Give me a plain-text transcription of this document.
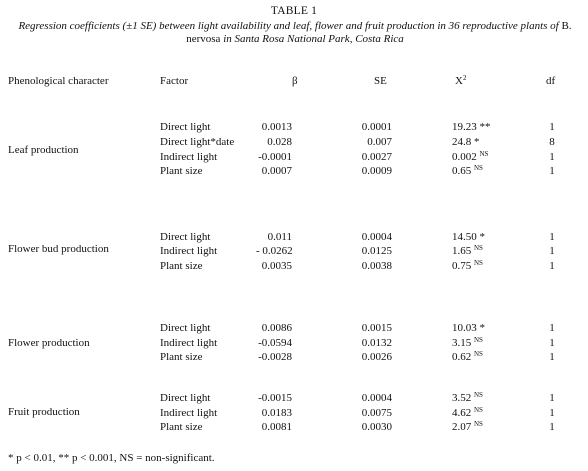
TABLE 1
Regression coefficients (±1 SE) between light availability and leaf, flower and fruit production in 36 reproductive plants of B. nervosa in Santa Rosa National Park, Costa Rica
Phenological character	Factor	β	SE	$X^2$	df
Leaf production
Direct light	0.0013	0.0001	19.23 **	1
Direct light*date	0.028	0.007	24.8 *	8
Indirect light	-0.0001	0.0027	0.002 $^{NS}$	1
Plant size	0.0007	0.0009	0.65 $^{NS}$	1
Flower bud production
Direct light	0.011	0.0004	14.50 *	1
Indirect light	- 0.0262	0.0125	1.65 $^{NS}$	1
Plant size	0.0035	0.0038	0.75 $^{NS}$	1
Flower production
Direct light	0.0086	0.0015	10.03 *	1
Indirect light	-0.0594	0.0132	3.15 $^{NS}$	1
Plant size	-0.0028	0.0026	0.62 $^{NS}$	1
Fruit production
Direct light	-0.0015	0.0004	3.52 $^{NS}$	1
Indirect light	0.0183	0.0075	4.62 $^{NS}$	1
Plant size	0.0081	0.0030	2.07 $^{NS}$	1
* p < 0.01, ** p < 0.001, NS = non-significant.
